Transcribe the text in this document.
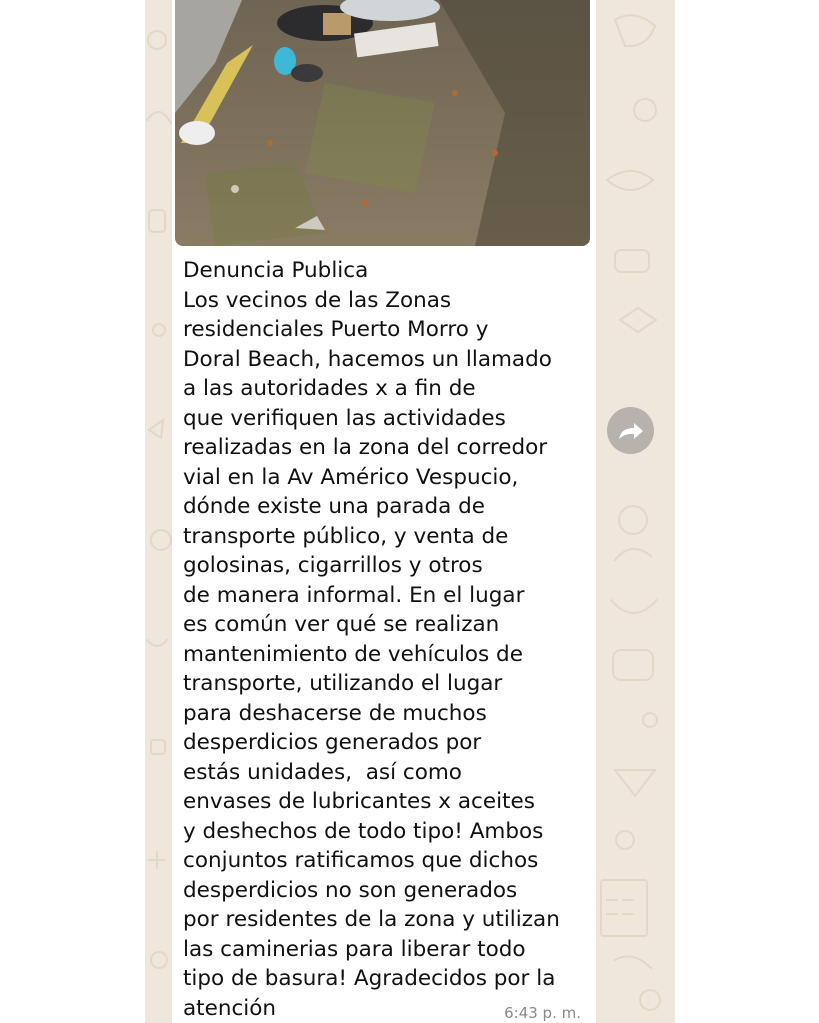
Denuncia Publica
Los vecinos de las Zonas
residenciales Puerto Morro y
Doral Beach, hacemos un llamado
a las autoridades x a fin de
que verifiquen las actividades
realizadas en la zona del corredor
vial en la Av Américo Vespucio,
dónde existe una parada de
transporte público, y venta de
golosinas, cigarrillos y otros
de manera informal. En el lugar
es común ver qué se realizan
mantenimiento de vehículos de
transporte, utilizando el lugar
para deshacerse de muchos
desperdicios generados por
estás unidades,  así como
envases de lubricantes x aceites
y deshechos de todo tipo! Ambos
conjuntos ratificamos que dichos
desperdicios no son generados
por residentes de la zona y utilizan
las caminerias para liberar todo
tipo de basura! Agradecidos por la
atención	6:43 p. m.
